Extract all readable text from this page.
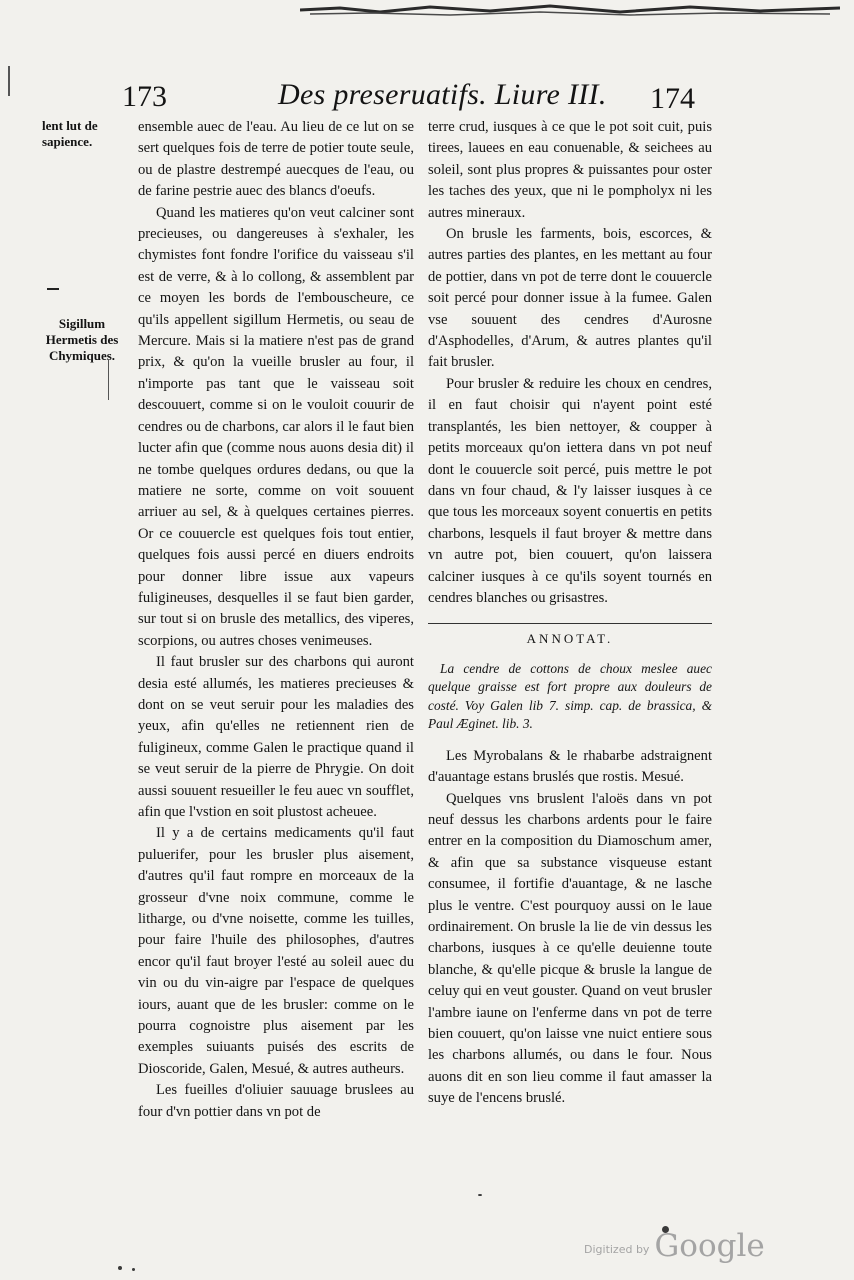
173	Des preseruatifs. Liure III. 174
lent lut de sapience.
Sigillum Hermetis des Chymiques.

ensemble auec de l'eau. Au lieu de ce lut on se sert quelques fois de terre de potier toute seule, ou de plastre destrempé auecques de l'eau, ou de farine pestrie auec des blancs d'oeufs.

Quand les matieres qu'on veut calciner sont precieuses, ou dangereuses à s'exhaler, les chymistes font fondre l'orifice du vaisseau s'il est de verre, & à lo collong, & assemblent par ce moyen les bords de l'embouscheure, ce qu'ils appellent sigillum Hermetis, ou seau de Mercure. Mais si la matiere n'est pas de grand prix, & qu'on la vueille brusler au four, il n'importe pas tant que le vaisseau soit descouuert, comme si on le vouloit couurir de cendres ou de charbons, car alors il le faut bien lucter afin que (comme nous auons desia dit) il ne tombe quelques ordures dedans, ou que la matiere ne sorte, comme on voit souuent arriuer au sel, & à quelques certaines pierres. Or ce couuercle est quelques fois tout entier, quelques fois aussi percé en diuers endroits pour donner libre issue aux vapeurs fuligineuses, desquelles il se faut bien garder, sur tout si on brusle des metallics, des viperes, scorpions, ou autres choses venimeuses.

Il faut brusler sur des charbons qui auront desia esté allumés, les matieres precieuses & dont on se veut seruir pour les maladies des yeux, afin qu'elles ne retiennent rien de fuligineux, comme Galen le practique quand il se veut seruir de la pierre de Phrygie. On doit aussi souuent resueiller le feu auec vn soufflet, afin que l'vstion en soit plustost acheuee.

Il y a de certains medicaments qu'il faut puluerifer, pour les brusler plus aisement, d'autres qu'il faut rompre en morceaux de la grosseur d'vne noix commune, comme le litharge, ou d'vne noisette, comme les tuilles, pour faire l'huile des philosophes, d'autres encor qu'il faut broyer l'esté au soleil auec du vin ou du vin-aigre par l'espace de quelques iours, auant que de les brusler: comme on le pourra cognoistre plus aisement par les exemples suiuants puisés des escrits de Dioscoride, Galen, Mesué, & autres autheurs.

Les fueilles d'oliuier sauuage bruslees au four d'vn pottier dans vn pot de

terre crud, iusques à ce que le pot soit cuit, puis tirees, lauees en eau conuenable, & seichees au soleil, sont plus propres & puissantes pour oster les taches des yeux, que ni le pompholyx ni les autres mineraux.

On brusle les farments, bois, escorces, & autres parties des plantes, en les mettant au four de pottier, dans vn pot de terre dont le couuercle soit percé pour donner issue à la fumee. Galen vse souuent des cendres d'Aurosne d'Asphodelles, d'Arum, & autres plantes qu'il fait brusler.

Pour brusler & reduire les choux en cendres, il en faut choisir qui n'ayent point esté transplantés, les bien nettoyer, & coupper à petits morceaux qu'on iettera dans vn pot neuf dont le couuercle soit percé, puis mettre le pot dans vn four chaud, & l'y laisser iusques à ce que tous les morceaux soyent conuertis en petits charbons, lesquels il faut broyer & mettre dans vn autre pot, bien couuert, qu'on laissera calciner iusques à ce qu'ils soyent tournés en cendres blanches ou grisastres.

ANNOTAT.

La cendre de cottons de choux meslee auec quelque graisse est fort propre aux douleurs de costé. Voy Galen lib 7. simp. cap. de brassica, & Paul Æginet. lib. 3.

Les Myrobalans & le rhabarbe adstraignent d'auantage estans bruslés que rostis. Mesué.

Quelques vns bruslent l'aloës dans vn pot neuf dessus les charbons ardents pour le faire entrer en la composition du Diamoschum amer, & afin que sa substance visqueuse estant consumee, il fortifie d'auantage, & ne lasche plus le ventre. C'est pourquoy aussi on le laue ordinairement. On brusle la lie de vin dessus les charbons, iusques à ce qu'elle deuienne toute blanche, & qu'elle picque & brusle la langue de celuy qui en veut gouster. Quand on veut brusler l'ambre iaune on l'enferme dans vn pot de terre bien couuert, qu'on laisse vne nuict entiere sous les charbons allumés, ou dans le four. Nous auons dit en son lieu comme il faut amasser la suye de l'encens bruslé.

Digitized by Google
